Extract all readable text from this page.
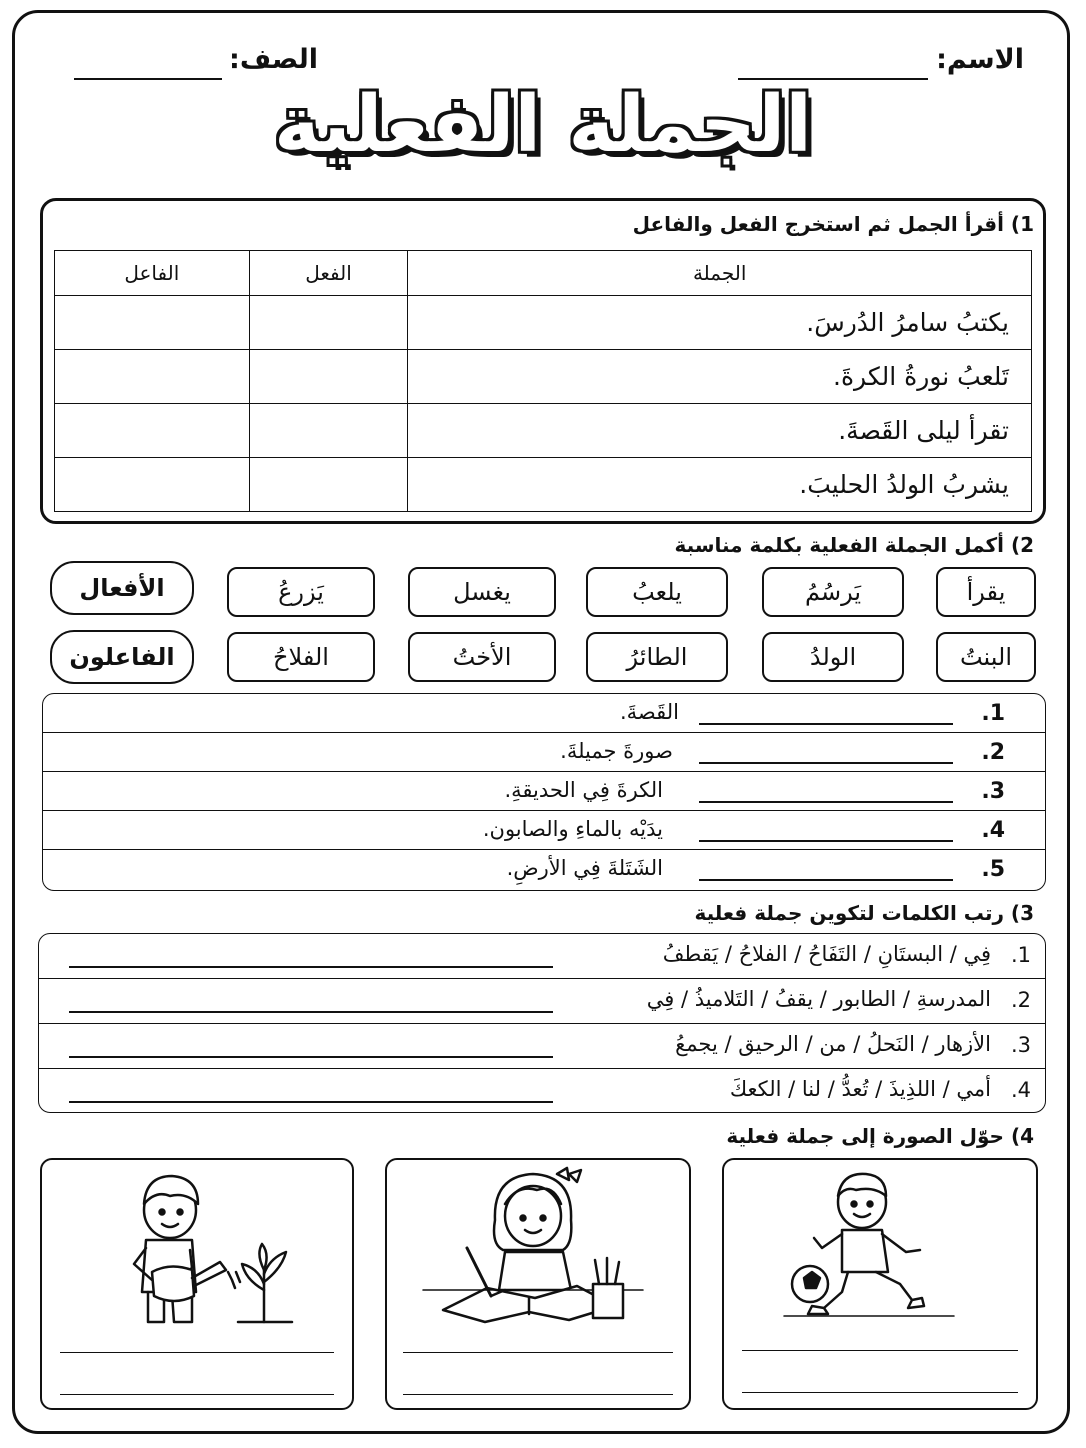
الاسم:
الصف:
الجملة الفعلية
1) أقرأ الجمل ثم استخرج الفعل والفاعل
الجملة	الفعل	الفاعل
يكتبُ سامرُ الدُرسَ.		
تَلعبُ نورةُ الكرةَ.		
تقرأ ليلى القَصةَ.		
يشربُ الولدُ الحليبَ.		
2) أكمل الجملة الفعلية بكلمة مناسبة
يقرأ
يَرسُمُ
يلعبُ
يغسل
يَزرعُ
الأفعال
البنتُ
الولدُ
الطائرُ
الأختُ
الفلاحُ
الفاعلون
1.
القَصةَ.
2.
صورةَ جميلةَ.
3.
الكرةَ فِي الحديقةِ.
4.
يدَيْه بالماءِ والصابون.
5.
الشَتَلةَ فِي الأرضِ.
3) رتب الكلمات لتكوين جملة فعلية
1.
فِي / البستَانِ / التَفَاحُ / الفلاحُ / يَقطفُ
2.
المدرسةِ / الطابور / يقفُ / التَلاميذُ / فِي
3.
الأزهار / النَحلُ / من / الرحيق / يجمعُ
4.
أمي / اللذِيذَ / تُعدُّ / لنا / الكعكَ
4) حوّل الصورة إلى جملة فعلية
